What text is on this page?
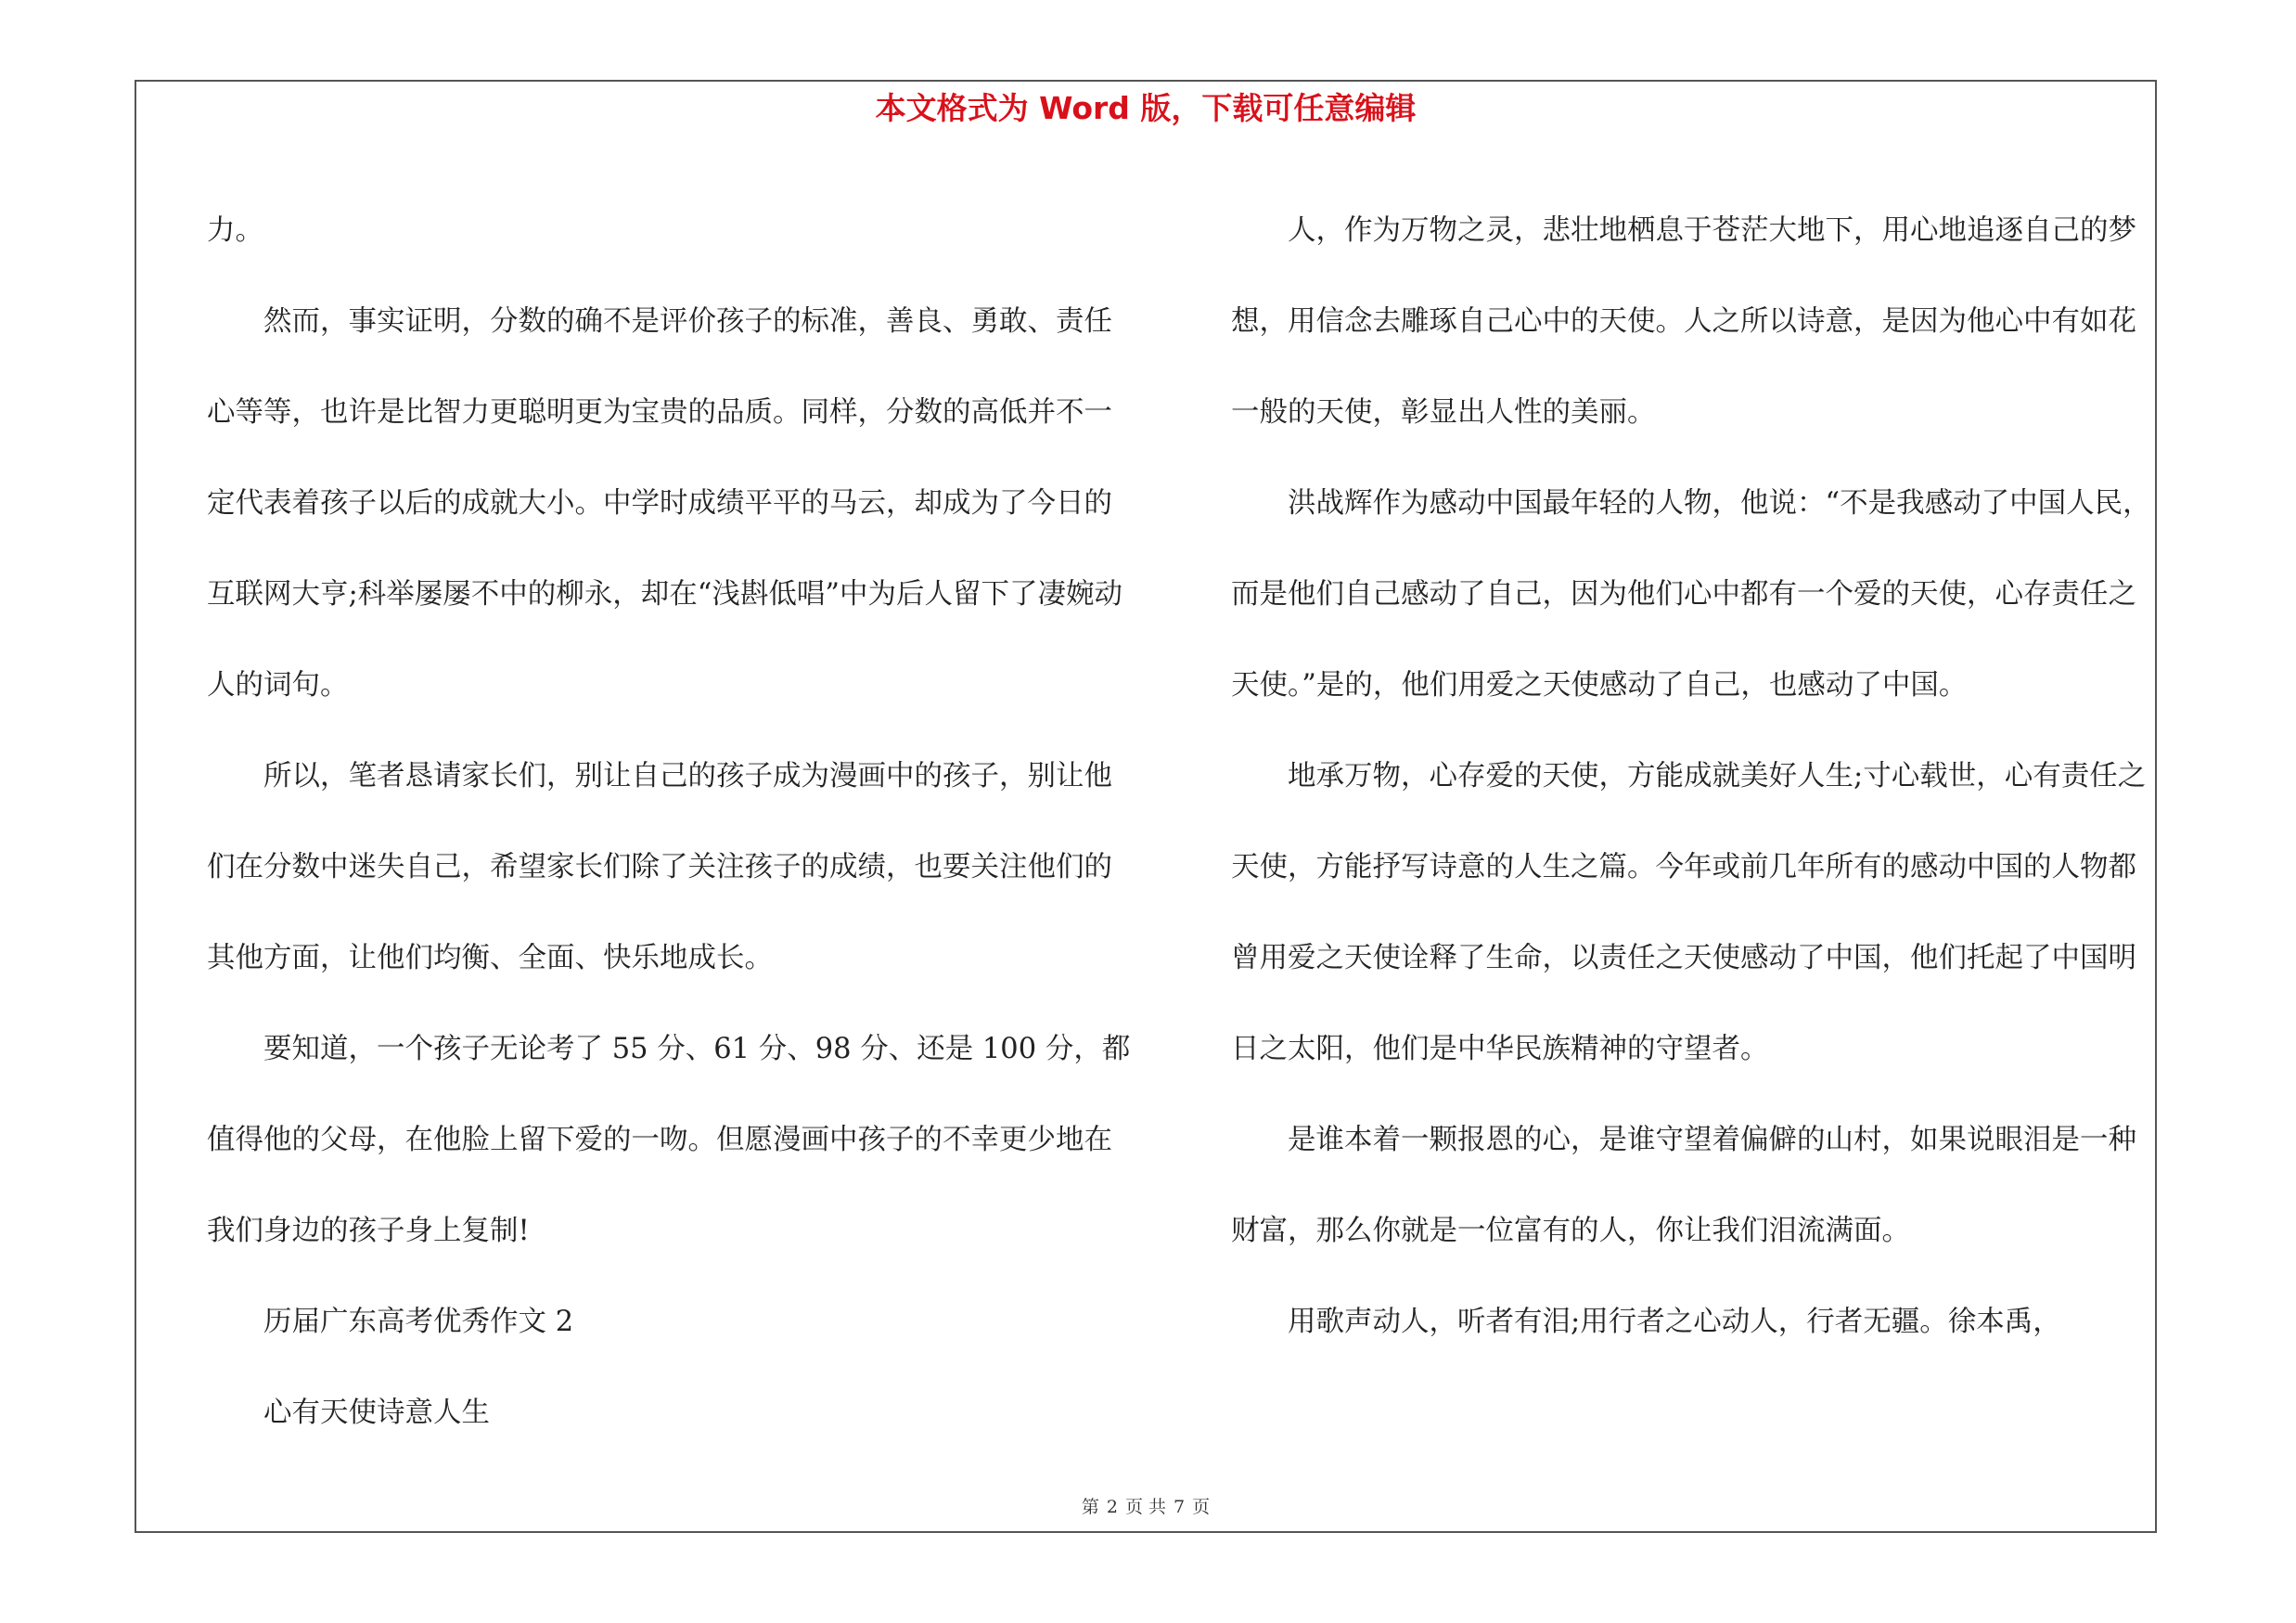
本文格式为 Word 版，下载可任意编辑

力。

然而，事实证明，分数的确不是评价孩子的标准，善良、勇敢、责任心等等，也许是比智力更聪明更为宝贵的品质。同样，分数的高低并不一定代表着孩子以后的成就大小。中学时成绩平平的马云，却成为了今日的互联网大亨;科举屡屡不中的柳永，却在“浅斟低唱”中为后人留下了凄婉动人的词句。

所以，笔者恳请家长们，别让自己的孩子成为漫画中的孩子，别让他们在分数中迷失自己，希望家长们除了关注孩子的成绩，也要关注他们的其他方面，让他们均衡、全面、快乐地成长。

要知道，一个孩子无论考了 55 分、61 分、98 分、还是 100 分，都值得他的父母，在他脸上留下爱的一吻。但愿漫画中孩子的不幸更少地在我们身边的孩子身上复制!

历届广东高考优秀作文 2

心有天使诗意人生

人，作为万物之灵，悲壮地栖息于苍茫大地下，用心地追逐自己的梦想，用信念去雕琢自己心中的天使。人之所以诗意，是因为他心中有如花一般的天使，彰显出人性的美丽。

洪战辉作为感动中国最年轻的人物，他说：“不是我感动了中国人民，而是他们自己感动了自己，因为他们心中都有一个爱的天使，心存责任之天使。”是的，他们用爱之天使感动了自己，也感动了中国。

地承万物，心存爱的天使，方能成就美好人生;寸心载世，心有责任之天使，方能抒写诗意的人生之篇。今年或前几年所有的感动中国的人物都曾用爱之天使诠释了生命，以责任之天使感动了中国，他们托起了中国明日之太阳，他们是中华民族精神的守望者。

是谁本着一颗报恩的心，是谁守望着偏僻的山村，如果说眼泪是一种财富，那么你就是一位富有的人，你让我们泪流满面。

用歌声动人，听者有泪;用行者之心动人，行者无疆。徐本禹，

第 2 页 共 7 页
